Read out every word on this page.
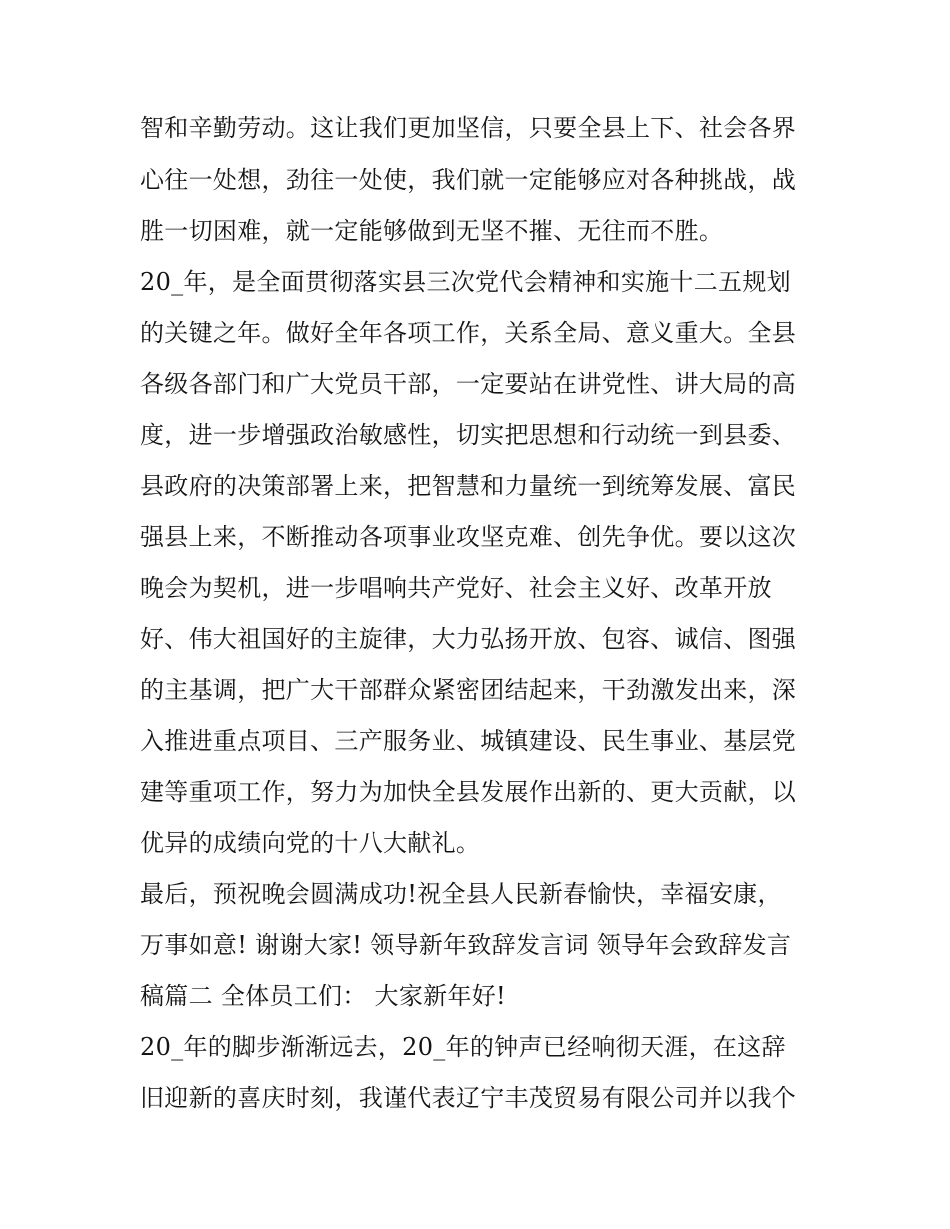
智和辛勤劳动。这让我们更加坚信，只要全县上下、社会各界
心往一处想，劲往一处使，我们就一定能够应对各种挑战，战
胜一切困难，就一定能够做到无坚不摧、无往而不胜。
20_年，是全面贯彻落实县三次党代会精神和实施十二五规划
的关键之年。做好全年各项工作，关系全局、意义重大。全县
各级各部门和广大党员干部，一定要站在讲党性、讲大局的高
度，进一步增强政治敏感性，切实把思想和行动统一到县委、
县政府的决策部署上来，把智慧和力量统一到统筹发展、富民
强县上来，不断推动各项事业攻坚克难、创先争优。要以这次
晚会为契机，进一步唱响共产党好、社会主义好、改革开放
好、伟大祖国好的主旋律，大力弘扬开放、包容、诚信、图强
的主基调，把广大干部群众紧密团结起来，干劲激发出来，深
入推进重点项目、三产服务业、城镇建设、民生事业、基层党
建等重项工作，努力为加快全县发展作出新的、更大贡献，以
优异的成绩向党的十八大献礼。
最后，预祝晚会圆满成功!祝全县人民新春愉快，幸福安康，
万事如意! 谢谢大家! 领导新年致辞发言词 领导年会致辞发言
稿篇二 全体员工们： 大家新年好!
20_年的脚步渐渐远去，20_年的钟声已经响彻天涯，在这辞
旧迎新的喜庆时刻，我谨代表辽宁丰茂贸易有限公司并以我个
